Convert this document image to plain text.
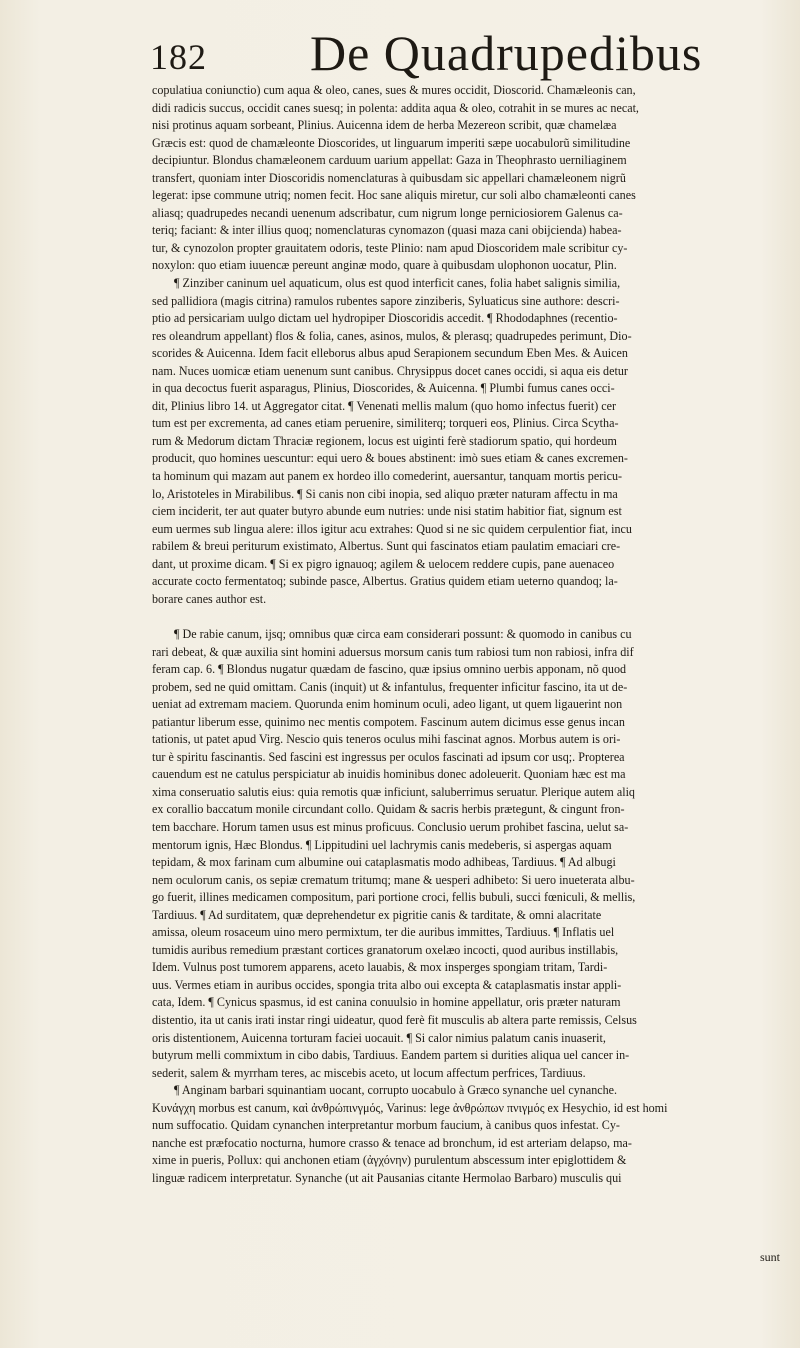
182 De Quadrupedibus
copulatiua coniunctio) cum aqua & oleo, canes, sues & mures occidit, Dioscorid. Chamæleonis can,
didi radicis succus, occidit canes suesq; in polenta: addita aqua & oleo, cotrahit in se mures ac necat,
nisi protinus aquam sorbeant, Plinius. Auicenna idem de herba Mezereon scribit, quæ chamelæa
Græcis est: quod de chamæleonte Dioscorides, ut linguarum imperiti sæpe uocabulorũ similitudine
decipiuntur. Blondus chamæleonem carduum uarium appellat: Gaza in Theophrasto uerniliaginem
transfert, quoniam inter Dioscoridis nomenclaturas à quibusdam sic appellari chamæleonem nigrũ
legerat: ipse commune utriq; nomen fecit. Hoc sane aliquis miretur, cur soli albo chamæleonti canes
aliasq; quadrupedes necandi uenenum adscribatur, cum nigrum longe perniciosiorem Galenus ca-
teriq; faciant: & inter illius quoq; nomenclaturas cynomazon (quasi maza cani obijcienda) habea-
tur, & cynozolon propter grauitatem odoris, teste Plinio: nam apud Dioscoridem male scribitur cy-
noxylon: quo etiam iuuencæ pereunt anginæ modo, quare à quibusdam ulophonon uocatur, Plin.
¶ Zinziber caninum uel aquaticum, olus est quod interficit canes, folia habet salignis similia,
sed pallidiora (magis citrina) ramulos rubentes sapore zinziberis, Syluaticus sine authore: descri-
ptio ad persicariam uulgo dictam uel hydropiper Dioscoridis accedit. ¶ Rhododaphnes (recentio-
res oleandrum appellant) flos & folia, canes, asinos, mulos, & plerasq; quadrupedes perimunt, Dio-
scorides & Auicenna. Idem facit elleborus albus apud Serapionem secundum Eben Mes. & Auicen
nam. Nuces uomicæ etiam uenenum sunt canibus. Chrysippus docet canes occidi, si aqua eis detur
in qua decoctus fuerit asparagus, Plinius, Dioscorides, & Auicenna. ¶ Plumbi fumus canes occi-
dit, Plinius libro 14. ut Aggregator citat. ¶ Venenati mellis malum (quo homo infectus fuerit) cer
tum est per excrementa, ad canes etiam peruenire, similiterq; torqueri eos, Plinius. Circa Scytha-
rum & Medorum dictam Thraciæ regionem, locus est uiginti ferè stadiorum spatio, qui hordeum
producit, quo homines uescuntur: equi uero & boues abstinent: imò sues etiam & canes excremen-
ta hominum qui mazam aut panem ex hordeo illo comederint, auersantur, tanquam mortis pericu-
lo, Aristoteles in Mirabilibus. ¶ Si canis non cibi inopia, sed aliquo præter naturam affectu in ma
ciem inciderit, ter aut quater butyro abunde eum nutries: unde nisi statim habitior fiat, signum est
eum uermes sub lingua alere: illos igitur acu extrahes: Quod si ne sic quidem cerpulentior fiat, incu
rabilem & breui periturum existimato, Albertus. Sunt qui fascinatos etiam paulatim emaciari cre-
dant, ut proxime dicam. ¶ Si ex pigro ignauoq; agilem & uelocem reddere cupis, pane auenaceo
accurate cocto fermentatoq; subinde pasce, Albertus. Gratius quidem etiam ueterno quandoq; la-
borare canes author est.
¶ De rabie canum, ijsq; omnibus quæ circa eam considerari possunt: & quomodo in canibus cu
rari debeat, & quæ auxilia sint homini aduersus morsum canis tum rabiosi tum non rabiosi, infra dif
feram cap. 6. ¶ Blondus nugatur quædam de fascino, quæ ipsius omnino uerbis apponam, nõ quod
probem, sed ne quid omittam. Canis (inquit) ut & infantulus, frequenter inficitur fascino, ita ut de-
ueniat ad extremam maciem. Quorunda enim hominum oculi, adeo ligant, ut quem ligauerint non
patiantur liberum esse, quinimo nec mentis compotem. Fascinum autem dicimus esse genus incan
tationis, ut patet apud Virg. Nescio quis teneros oculus mihi fascinat agnos. Morbus autem is ori-
tur è spiritu fascinantis. Sed fascini est ingressus per oculos fascinati ad ipsum cor usq;. Propterea
cauendum est ne catulus perspiciatur ab inuidis hominibus donec adoleuerit. Quoniam hæc est ma
xima conseruatio salutis eius: quia remotis quæ inficiunt, saluberrimus seruatur. Plerique autem aliq
ex corallio baccatum monile circundant collo. Quidam & sacris herbis prætegunt, & cingunt fron-
tem bacchare. Horum tamen usus est minus proficuus. Conclusio uerum prohibet fascina, uelut sa-
mentorum ignis, Hæc Blondus. ¶ Lippitudini uel lachrymis canis medeberis, si aspergas aquam
tepidam, & mox farinam cum albumine oui cataplasmatis modo adhibeas, Tardiuus. ¶ Ad albugi
nem oculorum canis, os sepiæ crematum tritumq; mane & uesperi adhibeto: Si uero inueterata albu-
go fuerit, illines medicamen compositum, pari portione croci, fellis bubuli, succi fœniculi, & mellis,
Tardiuus. ¶ Ad surditatem, quæ deprehendetur ex pigritie canis & tarditate, & omni alacritate
amissa, oleum rosaceum uino mero permixtum, ter die auribus immittes, Tardiuus. ¶ Inflatis uel
tumidis auribus remedium præstant cortices granatorum oxelæo incocti, quod auribus instillabis,
Idem. Vulnus post tumorem apparens, aceto lauabis, & mox insperges spongiam tritam, Tardi-
uus. Vermes etiam in auribus occides, spongia trita albo oui excepta & cataplasmatis instar appli-
cata, Idem. ¶ Cynicus spasmus, id est canina conuulsio in homine appellatur, oris præter naturam
distentio, ita ut canis irati instar ringi uideatur, quod ferè fit musculis ab altera parte remissis, Celsus
oris distentionem, Auicenna torturam faciei uocauit. ¶ Si calor nimius palatum canis inuaserit,
butyrum melli commixtum in cibo dabis, Tardiuus. Eandem partem si durities aliqua uel cancer in-
sederit, salem & myrrham teres, ac miscebis aceto, ut locum affectum perfrices, Tardiuus.
¶ Anginam barbari squinantiam uocant, corrupto uocabulo à Græco synanche uel cynanche.
Κυνάγχη morbus est canum, καὶ ἀνθρώπινγμός, Varinus: lege ἀνθρώπων πνιγμός ex Hesychio, id est homi
num suffocatio. Quidam cynanchen interpretantur morbum faucium, à canibus quos infestat. Cy-
nanche est præfocatio nocturna, humore crasso & tenace ad bronchum, id est arteriam delapso, ma-
xime in pueris, Pollux: qui anchonen etiam (ἀγχόνην) purulentum abscessum inter epiglottidem &
linguæ radicem interpretatur. Synanche (ut ait Pausanias citante Hermolao Barbaro) musculis qui
sunt
